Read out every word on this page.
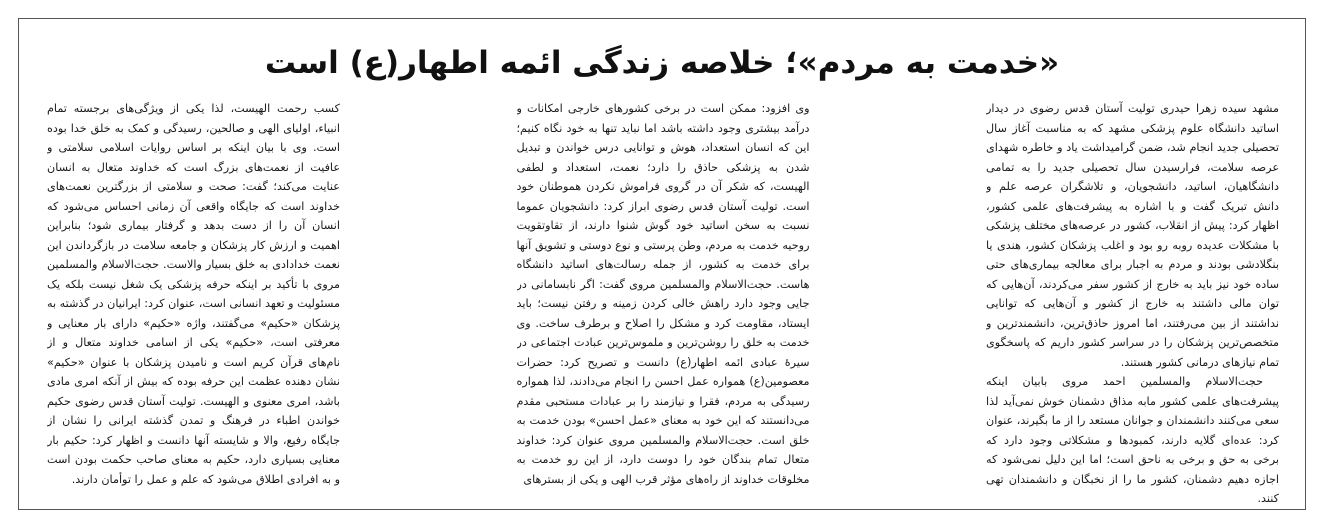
«خدمت به مردم»؛ خلاصه زندگی ائمه اطهار(ع) است

مشهد سیده زهرا حیدری تولیت آستان قدس رضوی در دیدار اساتید دانشگاه علوم پزشکی مشهد که به مناسبت آغاز سال تحصیلی جدید انجام شد، ضمن گرامیداشت یاد و خاطره شهدای عرصه سلامت، فرارسیدن سال تحصیلی جدید را به تمامی دانشگاهیان، اساتید، دانشجویان، و تلاشگران عرصه علم و دانش تبریک گفت و با اشاره به پیشرفت‌های علمی کشور، اظهار کرد: پیش از انقلاب، کشور در عرصه‌های مختلف پزشکی با مشکلات عدیده روبه رو بود و اغلب پزشکان کشور، هندی یا بنگلادشی بودند و مردم به اجبار برای معالجه بیماری‌های حتی ساده خود نیز باید به خارج از کشور سفر می‌کردند، آن‌هایی که توان مالی داشتند به خارج از کشور و آن‌هایی که توانایی نداشتند از بین می‌رفتند، اما امروز حاذق‌ترین، دانشمندترین و متخصص‌ترین پزشکان را در سراسر کشور داریم که پاسخگوی تمام نیازهای درمانی کشور هستند.

حجت‌الاسلام والمسلمین احمد مروی بابیان اینکه پیشرفت‌های علمی کشور مابه مذاق دشمنان خوش نمی‌آید لذا سعی می‌کنند دانشمندان و جوانان مستعد را از ما بگیرند، عنوان کرد: عده‌ای گلایه دارند، کمبودها و مشکلاتی وجود دارد که برخی به حق و برخی به ناحق است؛ اما این دلیل نمی‌شود که اجازه دهیم دشمنان، کشور ما را از نخبگان و دانشمندان تهی کنند.

وی افزود: ممکن است در برخی کشورهای خارجی امکانات و درآمد بیشتری وجود داشته باشد اما نباید تنها به خود نگاه کنیم؛ این که انسان استعداد، هوش و توانایی درس خواندن و تبدیل شدن به پزشکی حاذق را دارد؛ نعمت، استعداد و لطفی الهیست، که شکر آن در گروی فراموش نکردن هموطنان خود است. تولیت آستان قدس رضوی ابراز کرد: دانشجویان عموما نسبت به سخن اساتید خود گوش شنوا دارند، از تقاوتقویت روحیه خدمت به مردم، وطن پرستی و نوع دوستی و تشویق آنها برای خدمت به کشور، از جمله رسالت‌های اساتید دانشگاه هاست. حجت‌الاسلام والمسلمین مروی گفت: اگر نابسامانی در جایی وجود دارد راهش خالی کردن زمینه و رفتن نیست؛ باید ایستاد، مقاومت کرد و مشکل را اصلاح و برطرف ساخت. وی خدمت به خلق را روشن‌ترین و ملموس‌ترین عبادت اجتماعی در سیرهٔ عبادی ائمه اطهار(ع) دانست و تصریح کرد: حضرات معصومین(ع) همواره عمل احسن را انجام می‌دادند، لذا همواره رسیدگی به مردم، فقرا و نیازمند را بر عبادات مستحبی مقدم می‌دانستند که این خود به معنای «عمل احسن» بودن خدمت به خلق است. حجت‌الاسلام والمسلمین مروی عنوان کرد: خداوند متعال تمام بندگان خود را دوست دارد، از این رو خدمت به مخلوقات خداوند از راه‌های مؤثر قرب الهی و یکی از بسترهای

کسب رحمت الهیست، لذا یکی از ویژگی‌های برجسته تمام انبیاء، اولیای الهی و صالحین، رسیدگی و کمک به خلق خدا بوده است. وی با بیان اینکه بر اساس روایات اسلامی سلامتی و عافیت از نعمت‌های بزرگ است که خداوند متعال به انسان عنایت می‌کند؛ گفت: صحت و سلامتی از بزرگترین نعمت‌های خداوند است که جایگاه واقعی آن زمانی احساس می‌شود که انسان آن را از دست بدهد و گرفتار بیماری شود؛ بنابراین اهمیت و ارزش کار پزشکان و جامعه سلامت در بازگرداندن این نعمت خدادادی به خلق بسیار والاست. حجت‌الاسلام والمسلمین مروی با تأکید بر اینکه حرفه پزشکی یک شغل نیست بلکه یک مسئولیت و تعهد انسانی است، عنوان کرد: ایرانیان در گذشته به پزشکان «حکیم» می‌گفتند، واژه «حکیم» دارای بار معنایی و معرفتی است، «حکیم» یکی از اسامی خداوند متعال و از نام‌های قرآن کریم است و نامیدن پزشکان با عنوان «حکیم» نشان دهنده عظمت این حرفه بوده که بیش از آنکه امری مادی باشد، امری معنوی و الهیست. تولیت آستان قدس رضوی حکیم خواندن اطباء در فرهنگ و تمدن گذشته ایرانی را نشان از جایگاه رفیع، والا و شایسته آنها دانست و اظهار کرد: حکیم بار معنایی بسیاری دارد، حکیم به معنای صاحب حکمت بودن است و به افرادی اطلاق می‌شود که علم و عمل را توأمان دارند.
